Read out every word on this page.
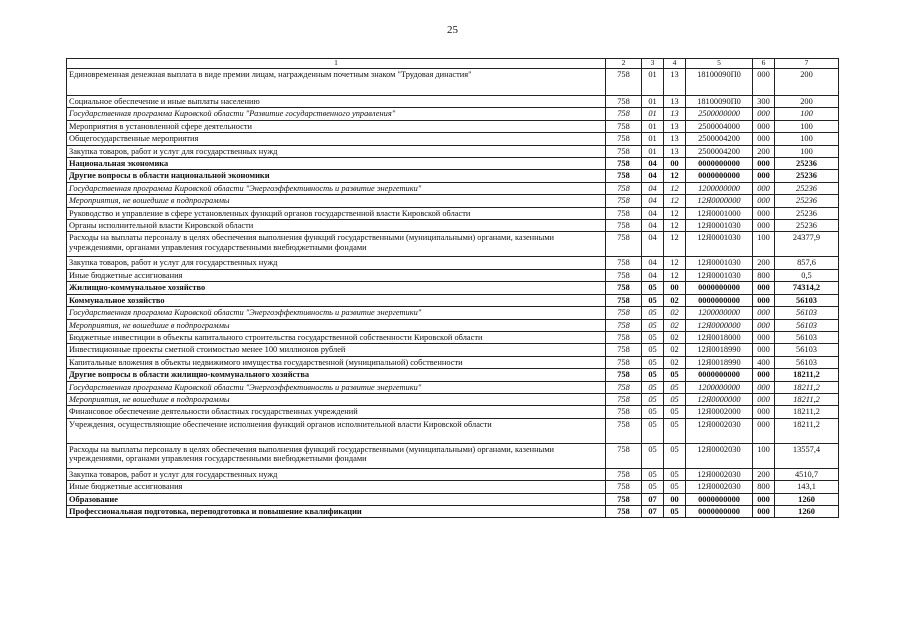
25
1	2	3	4	5	6	7
Единовременная денежная выплата в виде премии лицам, награжденным почетным знаком "Трудовая династия"	758	01	13	18100090П0	000	200
Социальное обеспечение и иные выплаты населению	758	01	13	18100090П0	300	200
Государственная программа Кировской области "Развитие государственного управления"	758	01	13	2500000000	000	100
Мероприятия в установленной сфере деятельности	758	01	13	2500004000	000	100
Общегосударственные мероприятия	758	01	13	2500004200	000	100
Закупка товаров, работ и услуг для государственных нужд	758	01	13	2500004200	200	100
Национальная экономика	758	04	00	0000000000	000	25236
Другие вопросы в области национальной экономики	758	04	12	0000000000	000	25236
Государственная программа Кировской области "Энергоэффективность и развитие энергетики"	758	04	12	1200000000	000	25236
Мероприятия, не вошедшие в подпрограммы	758	04	12	12Я0000000	000	25236
Руководство и управление в сфере установленных функций органов государственной власти Кировской области	758	04	12	12Я0001000	000	25236
Органы исполнительной власти Кировской области	758	04	12	12Я0001030	000	25236
Расходы на выплаты персоналу в целях обеспечения выполнения функций государственными (муниципальными) органами, казенными учреждениями, органами управления государственными внебюджетными фондами	758	04	12	12Я0001030	100	24377,9
Закупка товаров, работ и услуг для государственных нужд	758	04	12	12Я0001030	200	857,6
Иные бюджетные ассигнования	758	04	12	12Я0001030	800	0,5
Жилищно-коммунальное хозяйство	758	05	00	0000000000	000	74314,2
Коммунальное хозяйство	758	05	02	0000000000	000	56103
Государственная программа Кировской области "Энергоэффективность и развитие энергетики"	758	05	02	1200000000	000	56103
Мероприятия, не вошедшие в подпрограммы	758	05	02	12Я0000000	000	56103
Бюджетные инвестиции в объекты капитального строительства государственной собственности Кировской области	758	05	02	12Я0018000	000	56103
Инвестиционные проекты сметной стоимостью менее 100 миллионов рублей	758	05	02	12Я0018990	000	56103
Капитальные вложения в объекты недвижимого имущества государственной (муниципальной) собственности	758	05	02	12Я0018990	400	56103
Другие вопросы в области жилищно-коммунального хозяйства	758	05	05	0000000000	000	18211,2
Государственная программа Кировской области "Энергоэффективность и развитие энергетики"	758	05	05	1200000000	000	18211,2
Мероприятия, не вошедшие в подпрограммы	758	05	05	12Я0000000	000	18211,2
Финансовое обеспечение деятельности областных государственных учреждений	758	05	05	12Я0002000	000	18211,2
Учреждения, осуществляющие обеспечение исполнения функций органов исполнительной власти Кировской области	758	05	05	12Я0002030	000	18211,2
Расходы на выплаты персоналу в целях обеспечения выполнения функций государственными (муниципальными) органами, казенными учреждениями, органами управления государственными внебюджетными фондами	758	05	05	12Я0002030	100	13557,4
Закупка товаров, работ и услуг для государственных нужд	758	05	05	12Я0002030	200	4510,7
Иные бюджетные ассигнования	758	05	05	12Я0002030	800	143,1
Образование	758	07	00	0000000000	000	1260
Профессиональная подготовка, переподготовка и повышение квалификации	758	07	05	0000000000	000	1260
